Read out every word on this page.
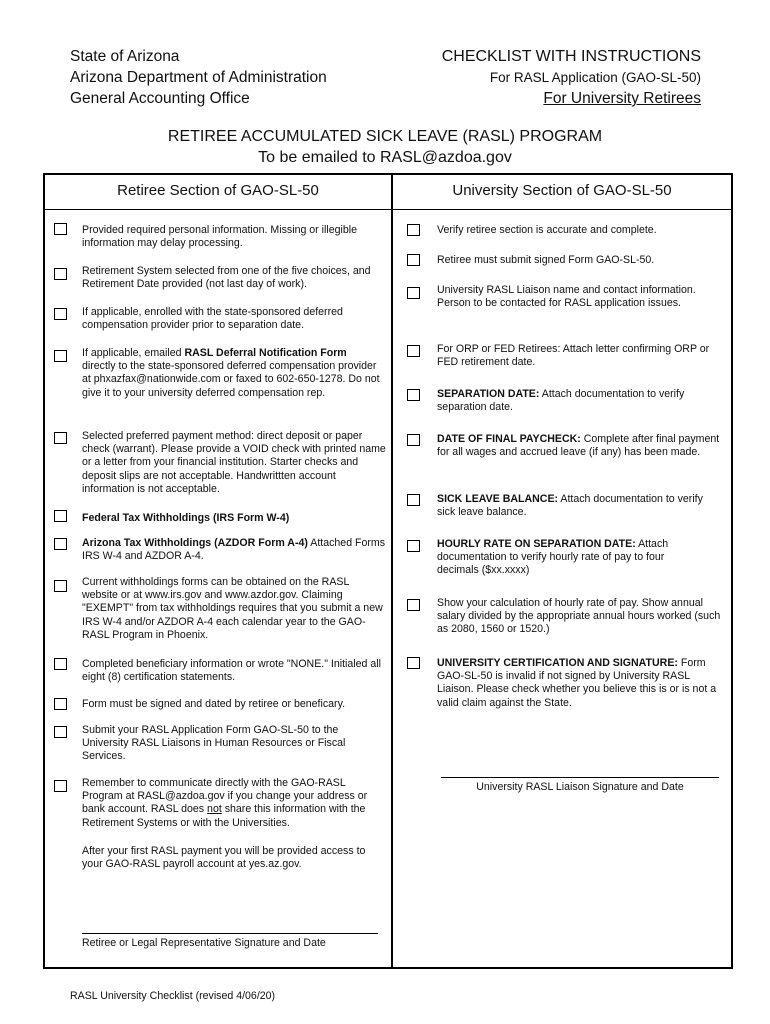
State of Arizona
Arizona Department of Administration
General Accounting Office
CHECKLIST WITH INSTRUCTIONS
For RASL Application (GAO-SL-50)
For University Retirees
RETIREE ACCUMULATED SICK LEAVE (RASL) PROGRAM
To be emailed to RASL@azdoa.gov
Retiree Section of GAO-SL-50	University Section of GAO-SL-50
Provided required personal information. Missing or illegible information may delay processing.
Retirement System selected from one of the five choices, and Retirement Date provided (not last day of work).
If applicable, enrolled with the state-sponsored deferred compensation provider prior to separation date.
If applicable, emailed RASL Deferral Notification Form directly to the state-sponsored deferred compensation provider at phxazfax@nationwide.com or faxed to 602-650-1278. Do not give it to your university deferred compensation rep.
Selected preferred payment method: direct deposit or paper check (warrant). Please provide a VOID check with printed name or a letter from your financial institution. Starter checks and deposit slips are not acceptable. Handwrittten account information is not acceptable.
Federal Tax Withholdings (IRS Form W-4)
Arizona Tax Withholdings (AZDOR Form A-4) Attached Forms IRS W-4 and AZDOR A-4.
Current withholdings forms can be obtained on the RASL website or at www.irs.gov and www.azdor.gov. Claiming "EXEMPT" from tax withholdings requires that you submit a new IRS W-4 and/or AZDOR A-4 each calendar year to the GAO-RASL Program in Phoenix.
Completed beneficiary information or wrote "NONE." Initialed all eight (8) certification statements.
Form must be signed and dated by retiree or beneficary.
Submit your RASL Application Form GAO-SL-50 to the University RASL Liaisons in Human Resources or Fiscal Services.
Remember to communicate directly with the GAO-RASL Program at RASL@azdoa.gov if you change your address or bank account. RASL does not share this information with the Retirement Systems or with the Universities.
After your first RASL payment you will be provided access to your GAO-RASL payroll account at yes.az.gov.
Retiree or Legal Representative Signature and Date
Verify retiree section is accurate and complete.
Retiree must submit signed Form GAO-SL-50.
University RASL Liaison name and contact information. Person to be contacted for RASL application issues.
For ORP or FED Retirees: Attach letter confirming ORP or FED retirement date.
SEPARATION DATE: Attach documentation to verify separation date.
DATE OF FINAL PAYCHECK: Complete after final payment for all wages and accrued leave (if any) has been made.
SICK LEAVE BALANCE: Attach documentation to verify sick leave balance.
HOURLY RATE ON SEPARATION DATE: Attach documentation to verify hourly rate of pay to four decimals ($xx.xxxx)
Show your calculation of hourly rate of pay. Show annual salary divided by the appropriate annual hours worked (such as 2080, 1560 or 1520.)
UNIVERSITY CERTIFICATION AND SIGNATURE: Form GAO-SL-50 is invalid if not signed by University RASL Liaison. Please check whether you believe this is or is not a valid claim against the State.
University RASL Liaison Signature and Date
RASL University Checklist (revised 4/06/20)
